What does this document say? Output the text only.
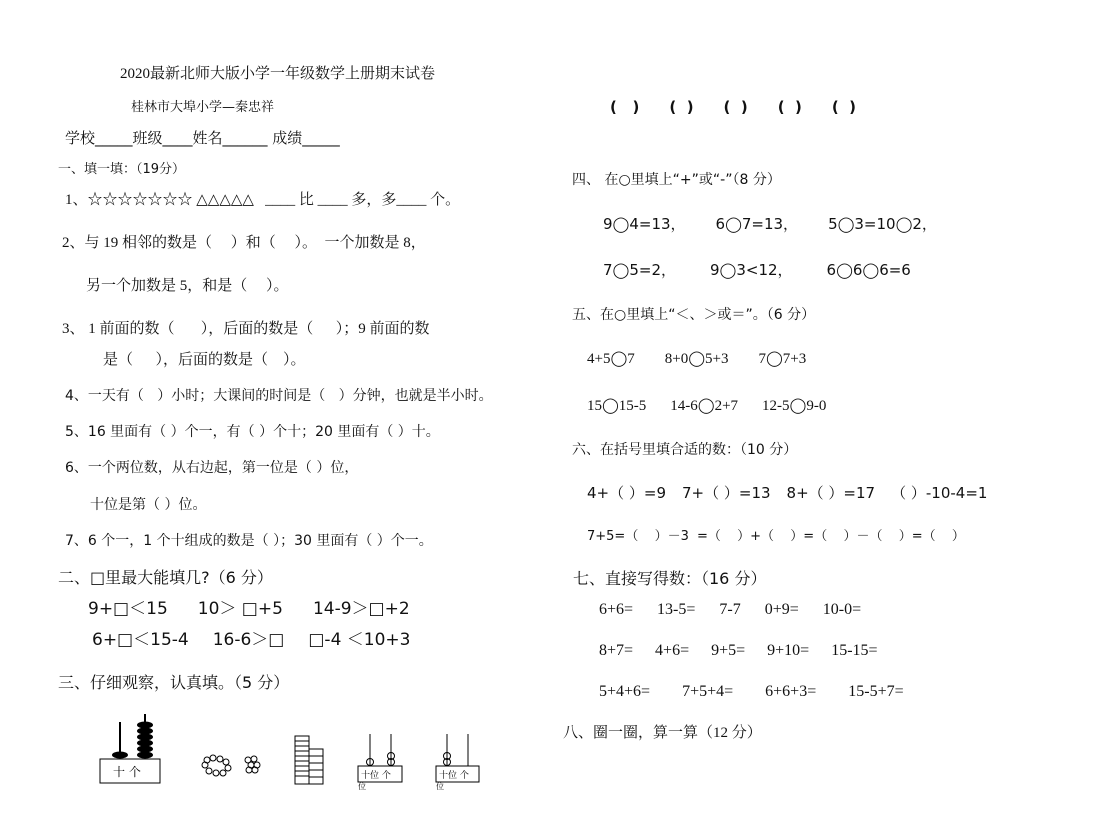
2020最新北师大版小学一年级数学上册期末试卷
桂林市大埠小学—秦忠祥
学校_____班级____姓名______ 成绩_____
一、填一填：（19分）
1、☆☆☆☆☆☆☆ △△△△△   ____ 比 ____ 多，多____ 个。
2、与 19 相邻的数是（     ）和（     ）。  一个加数是 8，
另一个加数是 5，和是（     ）。
3、 1 前面的数（       ），后面的数是（      ）；9 前面的数
是（      ），后面的数是（    ）。
4、一天有（   ）小时；大课间的时间是（   ）分钟，也就是半小时。
5、16 里面有（ ）个一，有（ ）个十；20 里面有（ ）十。
6、一个两位数，从右边起，第一位是（ ）位，
十位是第（ ）位。
7、6 个一，1 个十组成的数是（ ）；30 里面有（ ）个一。
二、□里最大能填几?（6 分）
9+□＜15 10＞ □+5 14-9＞□+2
6+□＜15-4 16-6＞□ □-4 ＜10+3
三、仔细观察，认真填。（5 分）
十 个	十位 个
位
十位 个
位
(   ) (  ) (  ) (  ) (  )
四、 在○里填上“+”或“-”（8 分）
9◯4=13， 6◯7=13， 5◯3=10◯2，
7◯5=2， 9◯3<12， 6◯6◯6=6
五、在○里填上“＜、＞或＝”。（6 分）
4+5◯7 8+0◯5+3 7◯7+3
15◯15-5 14-6◯2+7 12-5◯9-0
六、在括号里填合适的数：（10 分）
4+（ ）=9 7+（ ）=13 8+（ ）=17 （ ）-10-4=1
7+5=（  ）－3 =（  ）+（  ）=（  ）－（  ）=（  ）
七、直接写得数：（16 分）
6+6= 13-5= 7-7 0+9= 10-0=
8+7= 4+6= 9+5= 9+10= 15-15=
5+4+6= 7+5+4= 6+6+3= 15-5+7=
八、圈一圈，算一算（12 分）
